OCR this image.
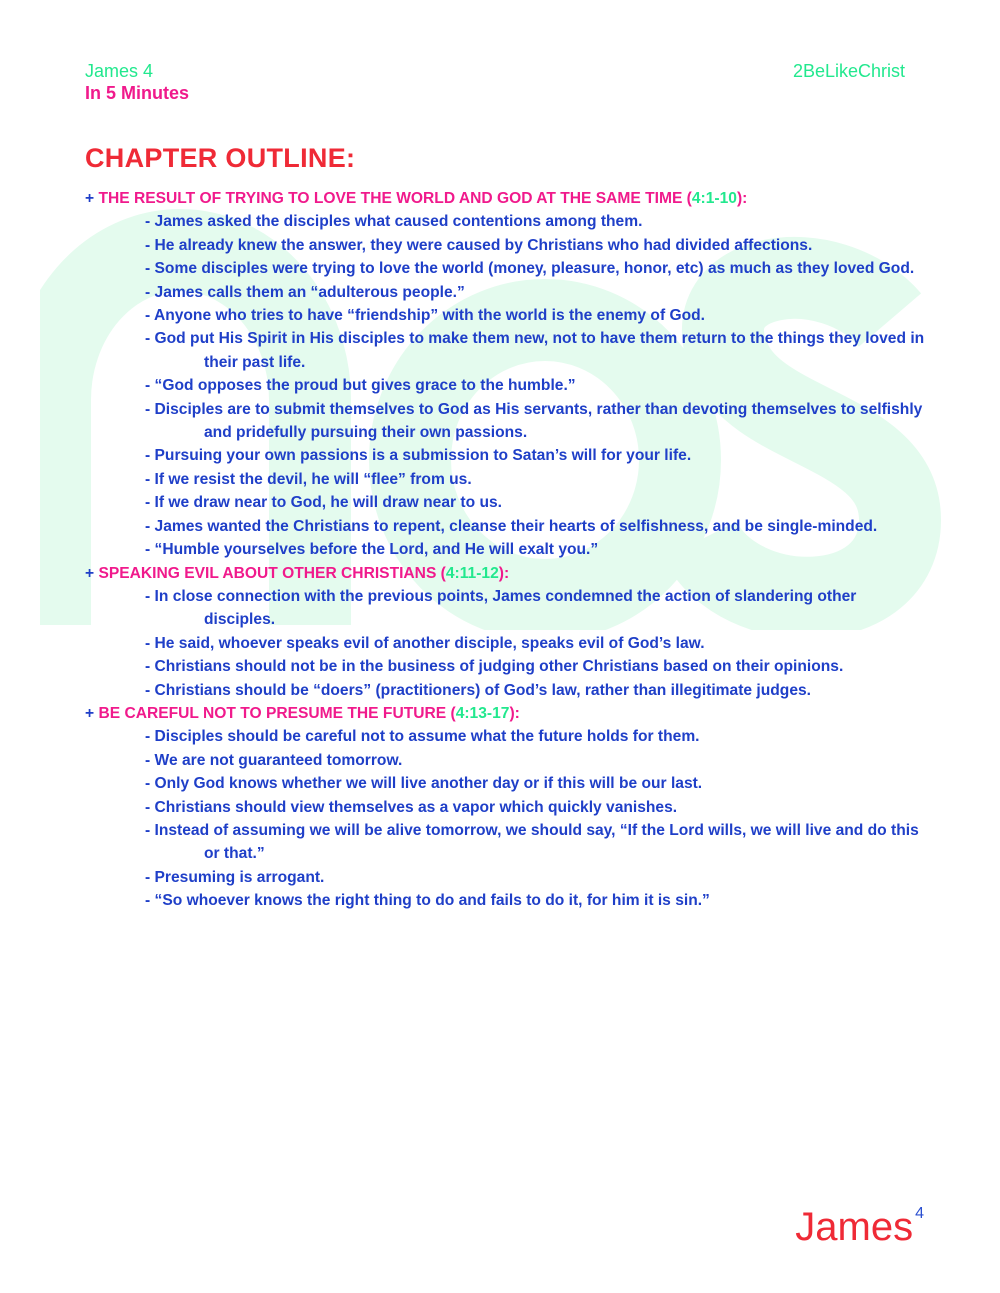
James 4
In 5 Minutes
2BeLikeChrist
CHAPTER OUTLINE:
+ THE RESULT OF TRYING TO LOVE THE WORLD AND GOD AT THE SAME TIME (4:1-10):
- James asked the disciples what caused contentions among them.
- He already knew the answer, they were caused by Christians who had divided affections.
- Some disciples were trying to love the world (money, pleasure, honor, etc) as much as they loved God.
- James calls them an “adulterous people.”
- Anyone who tries to have “friendship” with the world is the enemy of God.
- God put His Spirit in His disciples to make them new, not to have them return to the things they loved in their past life.
- “God opposes the proud but gives grace to the humble.”
- Disciples are to submit themselves to God as His servants, rather than devoting themselves to selfishly and pridefully pursuing their own passions.
- Pursuing your own passions is a submission to Satan’s will for your life.
- If we resist the devil, he will “flee” from us.
- If we draw near to God, he will draw near to us.
- James wanted the Christians to repent, cleanse their hearts of selfishness, and be single-minded.
- “Humble yourselves before the Lord, and He will exalt you.”
+ SPEAKING EVIL ABOUT OTHER CHRISTIANS (4:11-12):
- In close connection with the previous points, James condemned the action of slandering other disciples.
- He said, whoever speaks evil of another disciple, speaks evil of God’s law.
- Christians should not be in the business of judging other Christians based on their opinions.
- Christians should be “doers” (practitioners) of God’s law, rather than illegitimate judges.
+ BE CAREFUL NOT TO PRESUME THE FUTURE (4:13-17):
- Disciples should be careful not to assume what the future holds for them.
- We are not guaranteed tomorrow.
- Only God knows whether we will live another day or if this will be our last.
- Christians should view themselves as a vapor which quickly vanishes.
- Instead of assuming we will be alive tomorrow, we should say, “If the Lord wills, we will live and do this or that.”
- Presuming is arrogant.
- “So whoever knows the right thing to do and fails to do it, for him it is sin.”
James $^4$
